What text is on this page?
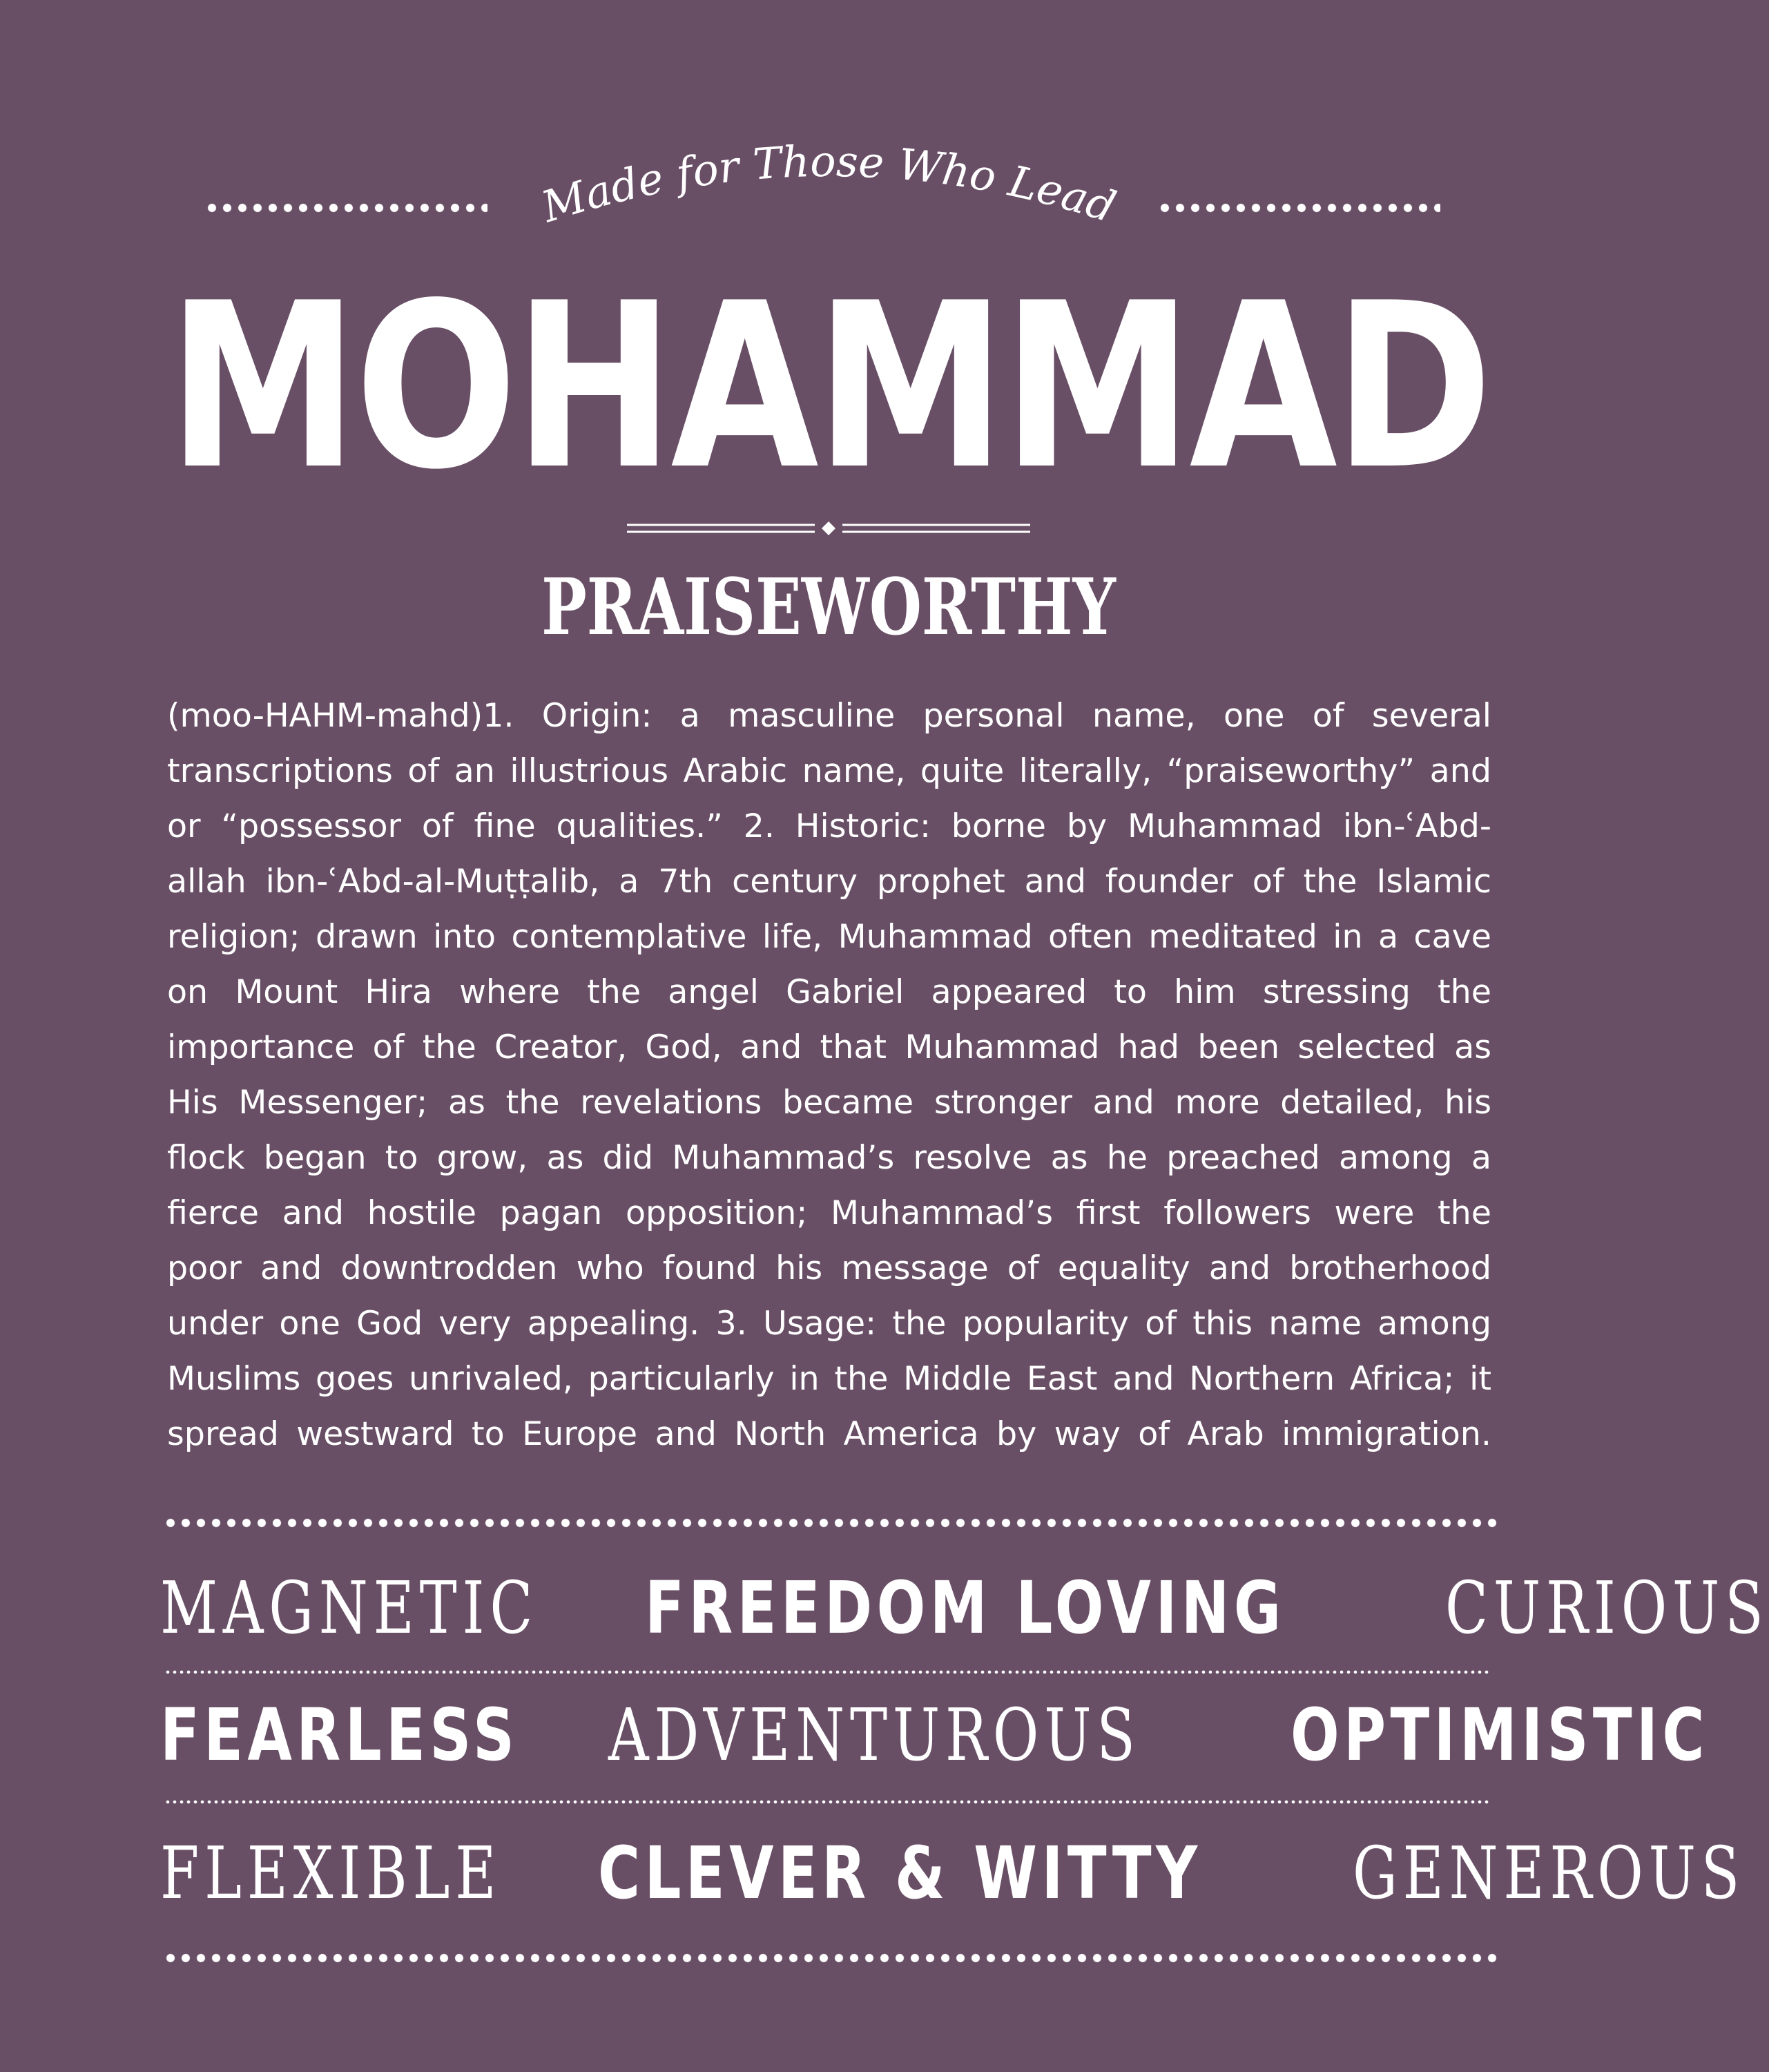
Made for Those Who Lead
MOHAMMAD
PRAISEWORTHY
(moo-HAHM-mahd)1. Origin: a masculine personal name, one of several
transcriptions of an illustrious Arabic name, quite literally, “praiseworthy” and
or “possessor of fine qualities.” 2. Historic: borne by Muhammad ibn-ʿAbd-
allah ibn-ʿAbd-al-Muṭṭalib, a 7th century prophet and founder of the Islamic
religion; drawn into contemplative life, Muhammad often meditated in a cave
on Mount Hira where the angel Gabriel appeared to him stressing the
importance of the Creator, God, and that Muhammad had been selected as
His Messenger; as the revelations became stronger and more detailed, his
flock began to grow, as did Muhammad’s resolve as he preached among a
fierce and hostile pagan opposition; Muhammad’s first followers were the
poor and downtrodden who found his message of equality and brotherhood
under one God very appealing. 3. Usage: the popularity of this name among
Muslims goes unrivaled, particularly in the Middle East and Northern Africa; it
spread westward to Europe and North America by way of Arab immigration.
MAGNETIC FREEDOM LOVING CURIOUS
FEARLESS ADVENTUROUS OPTIMISTIC
FLEXIBLE CLEVER & WITTY GENEROUS
